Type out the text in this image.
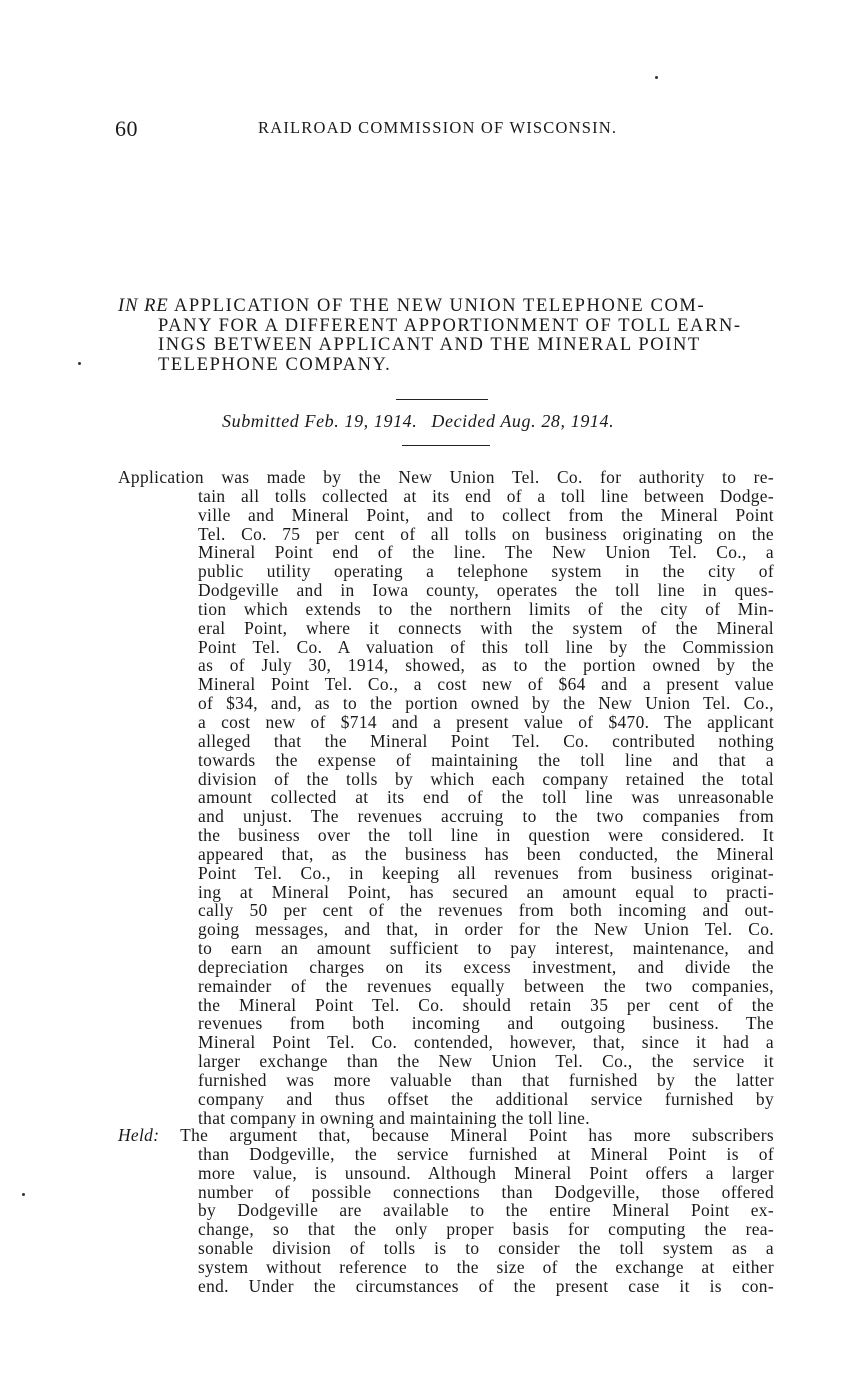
60	RAILROAD COMMISSION OF WISCONSIN.
IN RE APPLICATION OF THE NEW UNION TELEPHONE COM-
PANY FOR A DIFFERENT APPORTIONMENT OF TOLL EARN-
INGS BETWEEN APPLICANT AND THE MINERAL POINT
TELEPHONE COMPANY.
Submitted Feb. 19, 1914. Decided Aug. 28, 1914.
Application was made by the New Union Tel. Co. for authority to re-
tain all tolls collected at its end of a toll line between Dodge-
ville and Mineral Point, and to collect from the Mineral Point
Tel. Co. 75 per cent of all tolls on business originating on the
Mineral Point end of the line. The New Union Tel. Co., a
public utility operating a telephone system in the city of
Dodgeville and in Iowa county, operates the toll line in ques-
tion which extends to the northern limits of the city of Min-
eral Point, where it connects with the system of the Mineral
Point Tel. Co. A valuation of this toll line by the Commission
as of July 30, 1914, showed, as to the portion owned by the
Mineral Point Tel. Co., a cost new of $64 and a present value
of $34, and, as to the portion owned by the New Union Tel. Co.,
a cost new of $714 and a present value of $470. The applicant
alleged that the Mineral Point Tel. Co. contributed nothing
towards the expense of maintaining the toll line and that a
division of the tolls by which each company retained the total
amount collected at its end of the toll line was unreasonable
and unjust. The revenues accruing to the two companies from
the business over the toll line in question were considered. It
appeared that, as the business has been conducted, the Mineral
Point Tel. Co., in keeping all revenues from business originat-
ing at Mineral Point, has secured an amount equal to practi-
cally 50 per cent of the revenues from both incoming and out-
going messages, and that, in order for the New Union Tel. Co.
to earn an amount sufficient to pay interest, maintenance, and
depreciation charges on its excess investment, and divide the
remainder of the revenues equally between the two companies,
the Mineral Point Tel. Co. should retain 35 per cent of the
revenues from both incoming and outgoing business. The
Mineral Point Tel. Co. contended, however, that, since it had a
larger exchange than the New Union Tel. Co., the service it
furnished was more valuable than that furnished by the latter
company and thus offset the additional service furnished by
that company in owning and maintaining the toll line.
Held: The argument that, because Mineral Point has more subscribers
than Dodgeville, the service furnished at Mineral Point is of
more value, is unsound. Although Mineral Point offers a larger
number of possible connections than Dodgeville, those offered
by Dodgeville are available to the entire Mineral Point ex-
change, so that the only proper basis for computing the rea-
sonable division of tolls is to consider the toll system as a
system without reference to the size of the exchange at either
end. Under the circumstances of the present case it is con-
